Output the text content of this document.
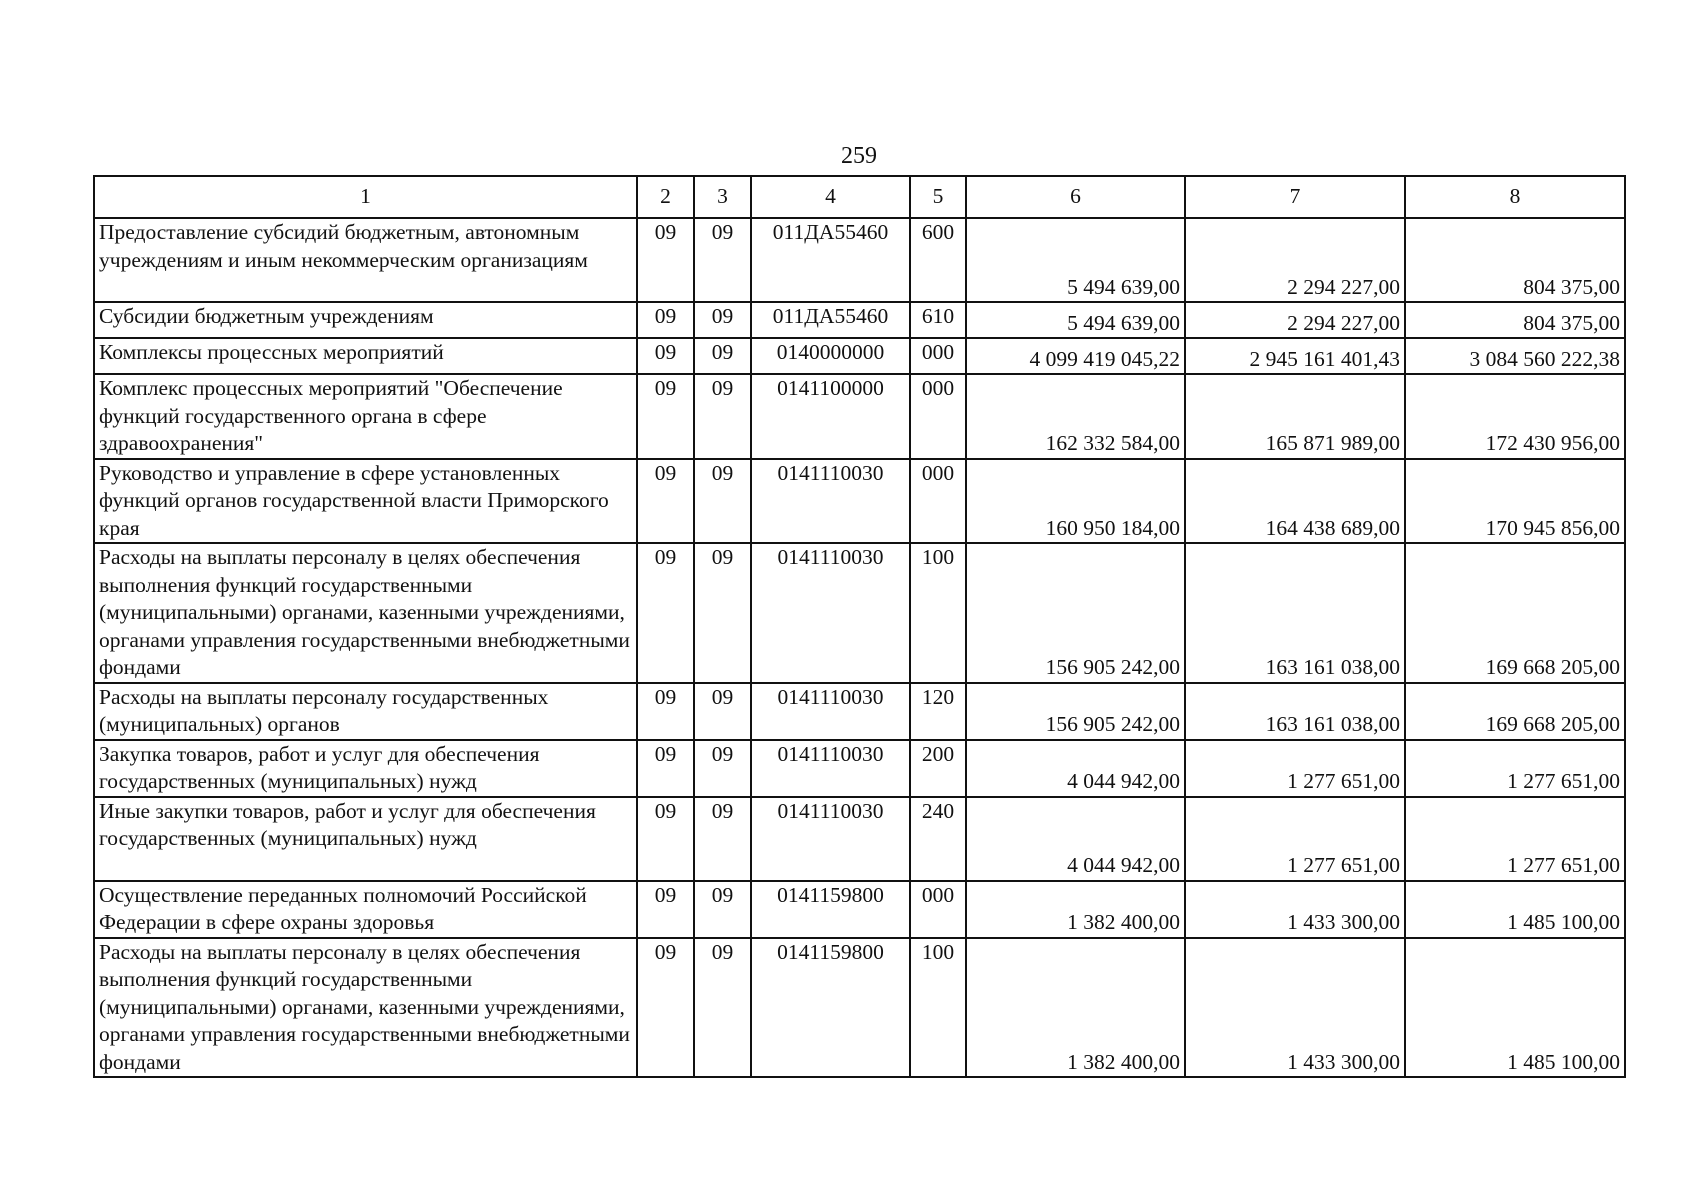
259
1	2	3	4	5	6	7	8
Предоставление субсидий бюджетным, автономным учреждениям и иным некоммерческим организациям	09	09	011ДА55460	600	5 494 639,00	2 294 227,00	804 375,00
Субсидии бюджетным учреждениям	09	09	011ДА55460	610	5 494 639,00	2 294 227,00	804 375,00
Комплексы процессных мероприятий	09	09	0140000000	000	4 099 419 045,22	2 945 161 401,43	3 084 560 222,38
Комплекс процессных мероприятий "Обеспечение функций государственного органа в сфере здравоохранения"	09	09	0141100000	000	162 332 584,00	165 871 989,00	172 430 956,00
Руководство и управление в сфере установленных функций органов государственной власти Приморского края	09	09	0141110030	000	160 950 184,00	164 438 689,00	170 945 856,00
Расходы на выплаты персоналу в целях обеспечения выполнения функций государственными (муниципальными) органами, казенными учреждениями, органами управления государственными внебюджетными фондами	09	09	0141110030	100	156 905 242,00	163 161 038,00	169 668 205,00
Расходы на выплаты персоналу государственных (муниципальных) органов	09	09	0141110030	120	156 905 242,00	163 161 038,00	169 668 205,00
Закупка товаров, работ и услуг для обеспечения государственных (муниципальных) нужд	09	09	0141110030	200	4 044 942,00	1 277 651,00	1 277 651,00
Иные закупки товаров, работ и услуг для обеспечения государственных (муниципальных) нужд	09	09	0141110030	240	4 044 942,00	1 277 651,00	1 277 651,00
Осуществление переданных полномочий Российской Федерации в сфере охраны здоровья	09	09	0141159800	000	1 382 400,00	1 433 300,00	1 485 100,00
Расходы на выплаты персоналу в целях обеспечения выполнения функций государственными (муниципальными) органами, казенными учреждениями, органами управления государственными внебюджетными фондами	09	09	0141159800	100	1 382 400,00	1 433 300,00	1 485 100,00
